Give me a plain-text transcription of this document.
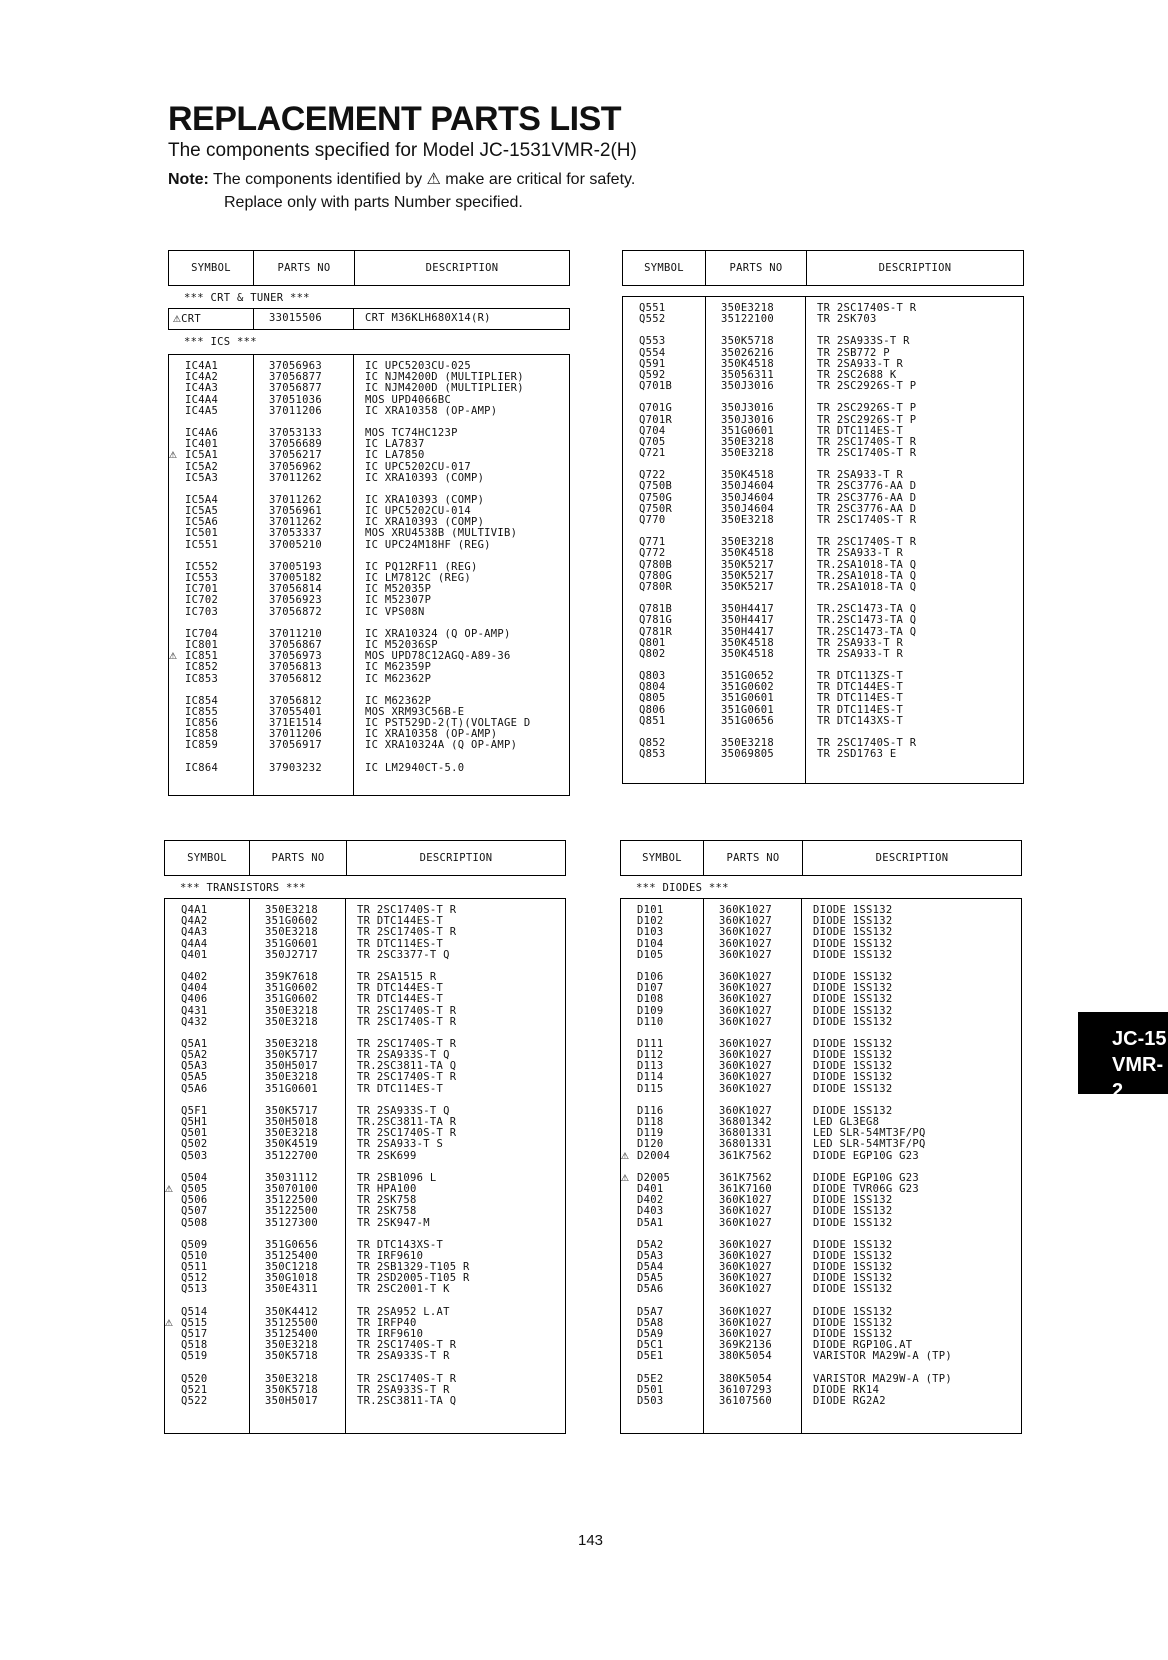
REPLACEMENT PARTS LIST
The components specified for Model JC-1531VMR-2(H)
Note: The components identified by ⚠ make are critical for safety.
Replace only with parts Number specified.
SYMBOL	PARTS NO	DESCRIPTION
*** CRT & TUNER ***
⚠CRT	33015506	CRT M36KLH680X14(R)
*** ICS ***
IC4A1	37056963	IC UPC5203CU-025
IC4A2	37056877	IC NJM4200D (MULTIPLIER)
IC4A3	37056877	IC NJM4200D (MULTIPLIER)
IC4A4	37051036	MOS UPD4066BC
IC4A5	37011206	IC XRA10358 (OP-AMP)
IC4A6	37053133	MOS TC74HC123P
IC401	37056689	IC LA7837
⚠ IC5A1	37056217	IC LA7850
IC5A2	37056962	IC UPC5202CU-017
IC5A3	37011262	IC XRA10393 (COMP)
IC5A4	37011262	IC XRA10393 (COMP)
IC5A5	37056961	IC UPC5202CU-014
IC5A6	37011262	IC XRA10393 (COMP)
IC501	37053337	MOS XRU4538B (MULTIVIB)
IC551	37005210	IC UPC24M18HF (REG)
IC552	37005193	IC PQ12RF11 (REG)
IC553	37005182	IC LM7812C (REG)
IC701	37056814	IC M52035P
IC702	37056923	IC M52307P
IC703	37056872	IC VPS08N
IC704	37011210	IC XRA10324 (Q OP-AMP)
IC801	37056867	IC M52036SP
⚠ IC851	37056973	MOS UPD78C12AGQ-A89-36
IC852	37056813	IC M62359P
IC853	37056812	IC M62362P
IC854	37056812	IC M62362P
IC855	37055401	MOS XRM93C56B-E
IC856	371E1514	IC PST529D-2(T)(VOLTAGE D
IC858	37011206	IC XRA10358 (OP-AMP)
IC859	37056917	IC XRA10324A (Q OP-AMP)
IC864	37903232	IC LM2940CT-5.0
SYMBOL	PARTS NO	DESCRIPTION
Q551	350E3218	TR 2SC1740S-T R
Q552	35122100	TR 2SK703
Q553	350K5718	TR 2SA933S-T R
Q554	35026216	TR 2SB772 P
Q591	350K4518	TR 2SA933-T R
Q592	35056311	TR 2SC2688 K
Q701B	350J3016	TR 2SC2926S-T P
Q701G	350J3016	TR 2SC2926S-T P
Q701R	350J3016	TR 2SC2926S-T P
Q704	351G0601	TR DTC114ES-T
Q705	350E3218	TR 2SC1740S-T R
Q721	350E3218	TR 2SC1740S-T R
Q722	350K4518	TR 2SA933-T R
Q750B	350J4604	TR 2SC3776-AA D
Q750G	350J4604	TR 2SC3776-AA D
Q750R	350J4604	TR 2SC3776-AA D
Q770	350E3218	TR 2SC1740S-T R
Q771	350E3218	TR 2SC1740S-T R
Q772	350K4518	TR 2SA933-T R
Q780B	350K5217	TR.2SA1018-TA Q
Q780G	350K5217	TR.2SA1018-TA Q
Q780R	350K5217	TR.2SA1018-TA Q
Q781B	350H4417	TR.2SC1473-TA Q
Q781G	350H4417	TR.2SC1473-TA Q
Q781R	350H4417	TR.2SC1473-TA Q
Q801	350K4518	TR 2SA933-T R
Q802	350K4518	TR 2SA933-T R
Q803	351G0652	TR DTC113ZS-T
Q804	351G0602	TR DTC144ES-T
Q805	351G0601	TR DTC114ES-T
Q806	351G0601	TR DTC114ES-T
Q851	351G0656	TR DTC143XS-T
Q852	350E3218	TR 2SC1740S-T R
Q853	35069805	TR 2SD1763 E
SYMBOL	PARTS NO	DESCRIPTION
*** TRANSISTORS ***
Q4A1	350E3218	TR 2SC1740S-T R
Q4A2	351G0602	TR DTC144ES-T
Q4A3	350E3218	TR 2SC1740S-T R
Q4A4	351G0601	TR DTC114ES-T
Q401	350J2717	TR 2SC3377-T Q
Q402	359K7618	TR 2SA1515 R
Q404	351G0602	TR DTC144ES-T
Q406	351G0602	TR DTC144ES-T
Q431	350E3218	TR 2SC1740S-T R
Q432	350E3218	TR 2SC1740S-T R
Q5A1	350E3218	TR 2SC1740S-T R
Q5A2	350K5717	TR 2SA933S-T Q
Q5A3	350H5017	TR.2SC3811-TA Q
Q5A5	350E3218	TR 2SC1740S-T R
Q5A6	351G0601	TR DTC114ES-T
Q5F1	350K5717	TR 2SA933S-T Q
Q5H1	350H5018	TR.2SC3811-TA R
Q501	350E3218	TR 2SC1740S-T R
Q502	350K4519	TR 2SA933-T S
Q503	35122700	TR 2SK699
Q504	35031112	TR 2SB1096 L
⚠ Q505	35070100	TR HPA100
Q506	35122500	TR 2SK758
Q507	35122500	TR 2SK758
Q508	35127300	TR 2SK947-M
Q509	351G0656	TR DTC143XS-T
Q510	35125400	TR IRF9610
Q511	350C1218	TR 2SB1329-T105 R
Q512	350G1018	TR 2SD2005-T105 R
Q513	350E4311	TR 2SC2001-T K
Q514	350K4412	TR 2SA952 L.AT
⚠ Q515	35125500	TR IRFP40
Q517	35125400	TR IRF9610
Q518	350E3218	TR 2SC1740S-T R
Q519	350K5718	TR 2SA933S-T R
Q520	350E3218	TR 2SC1740S-T R
Q521	350K5718	TR 2SA933S-T R
Q522	350H5017	TR.2SC3811-TA Q
SYMBOL	PARTS NO	DESCRIPTION
*** DIODES ***
D101	360K1027	DIODE 1SS132
D102	360K1027	DIODE 1SS132
D103	360K1027	DIODE 1SS132
D104	360K1027	DIODE 1SS132
D105	360K1027	DIODE 1SS132
D106	360K1027	DIODE 1SS132
D107	360K1027	DIODE 1SS132
D108	360K1027	DIODE 1SS132
D109	360K1027	DIODE 1SS132
D110	360K1027	DIODE 1SS132
D111	360K1027	DIODE 1SS132
D112	360K1027	DIODE 1SS132
D113	360K1027	DIODE 1SS132
D114	360K1027	DIODE 1SS132
D115	360K1027	DIODE 1SS132
D116	360K1027	DIODE 1SS132
D118	36801342	LED GL3EG8
D119	36801331	LED SLR-54MT3F/PQ
D120	36801331	LED SLR-54MT3F/PQ
⚠ D2004	361K7562	DIODE EGP10G G23
⚠ D2005	361K7562	DIODE EGP10G G23
D401	361K7160	DIODE TVR06G G23
D402	360K1027	DIODE 1SS132
D403	360K1027	DIODE 1SS132
D5A1	360K1027	DIODE 1SS132
D5A2	360K1027	DIODE 1SS132
D5A3	360K1027	DIODE 1SS132
D5A4	360K1027	DIODE 1SS132
D5A5	360K1027	DIODE 1SS132
D5A6	360K1027	DIODE 1SS132
D5A7	360K1027	DIODE 1SS132
D5A8	360K1027	DIODE 1SS132
D5A9	360K1027	DIODE 1SS132
D5C1	369K2136	DIODE RGP10G.AT
D5E1	380K5054	VARISTOR MA29W-A (TP)
D5E2	380K5054	VARISTOR MA29W-A (TP)
D501	36107293	DIODE RK14
D503	36107560	DIODE RG2A2
JC-15
VMR-2
143
